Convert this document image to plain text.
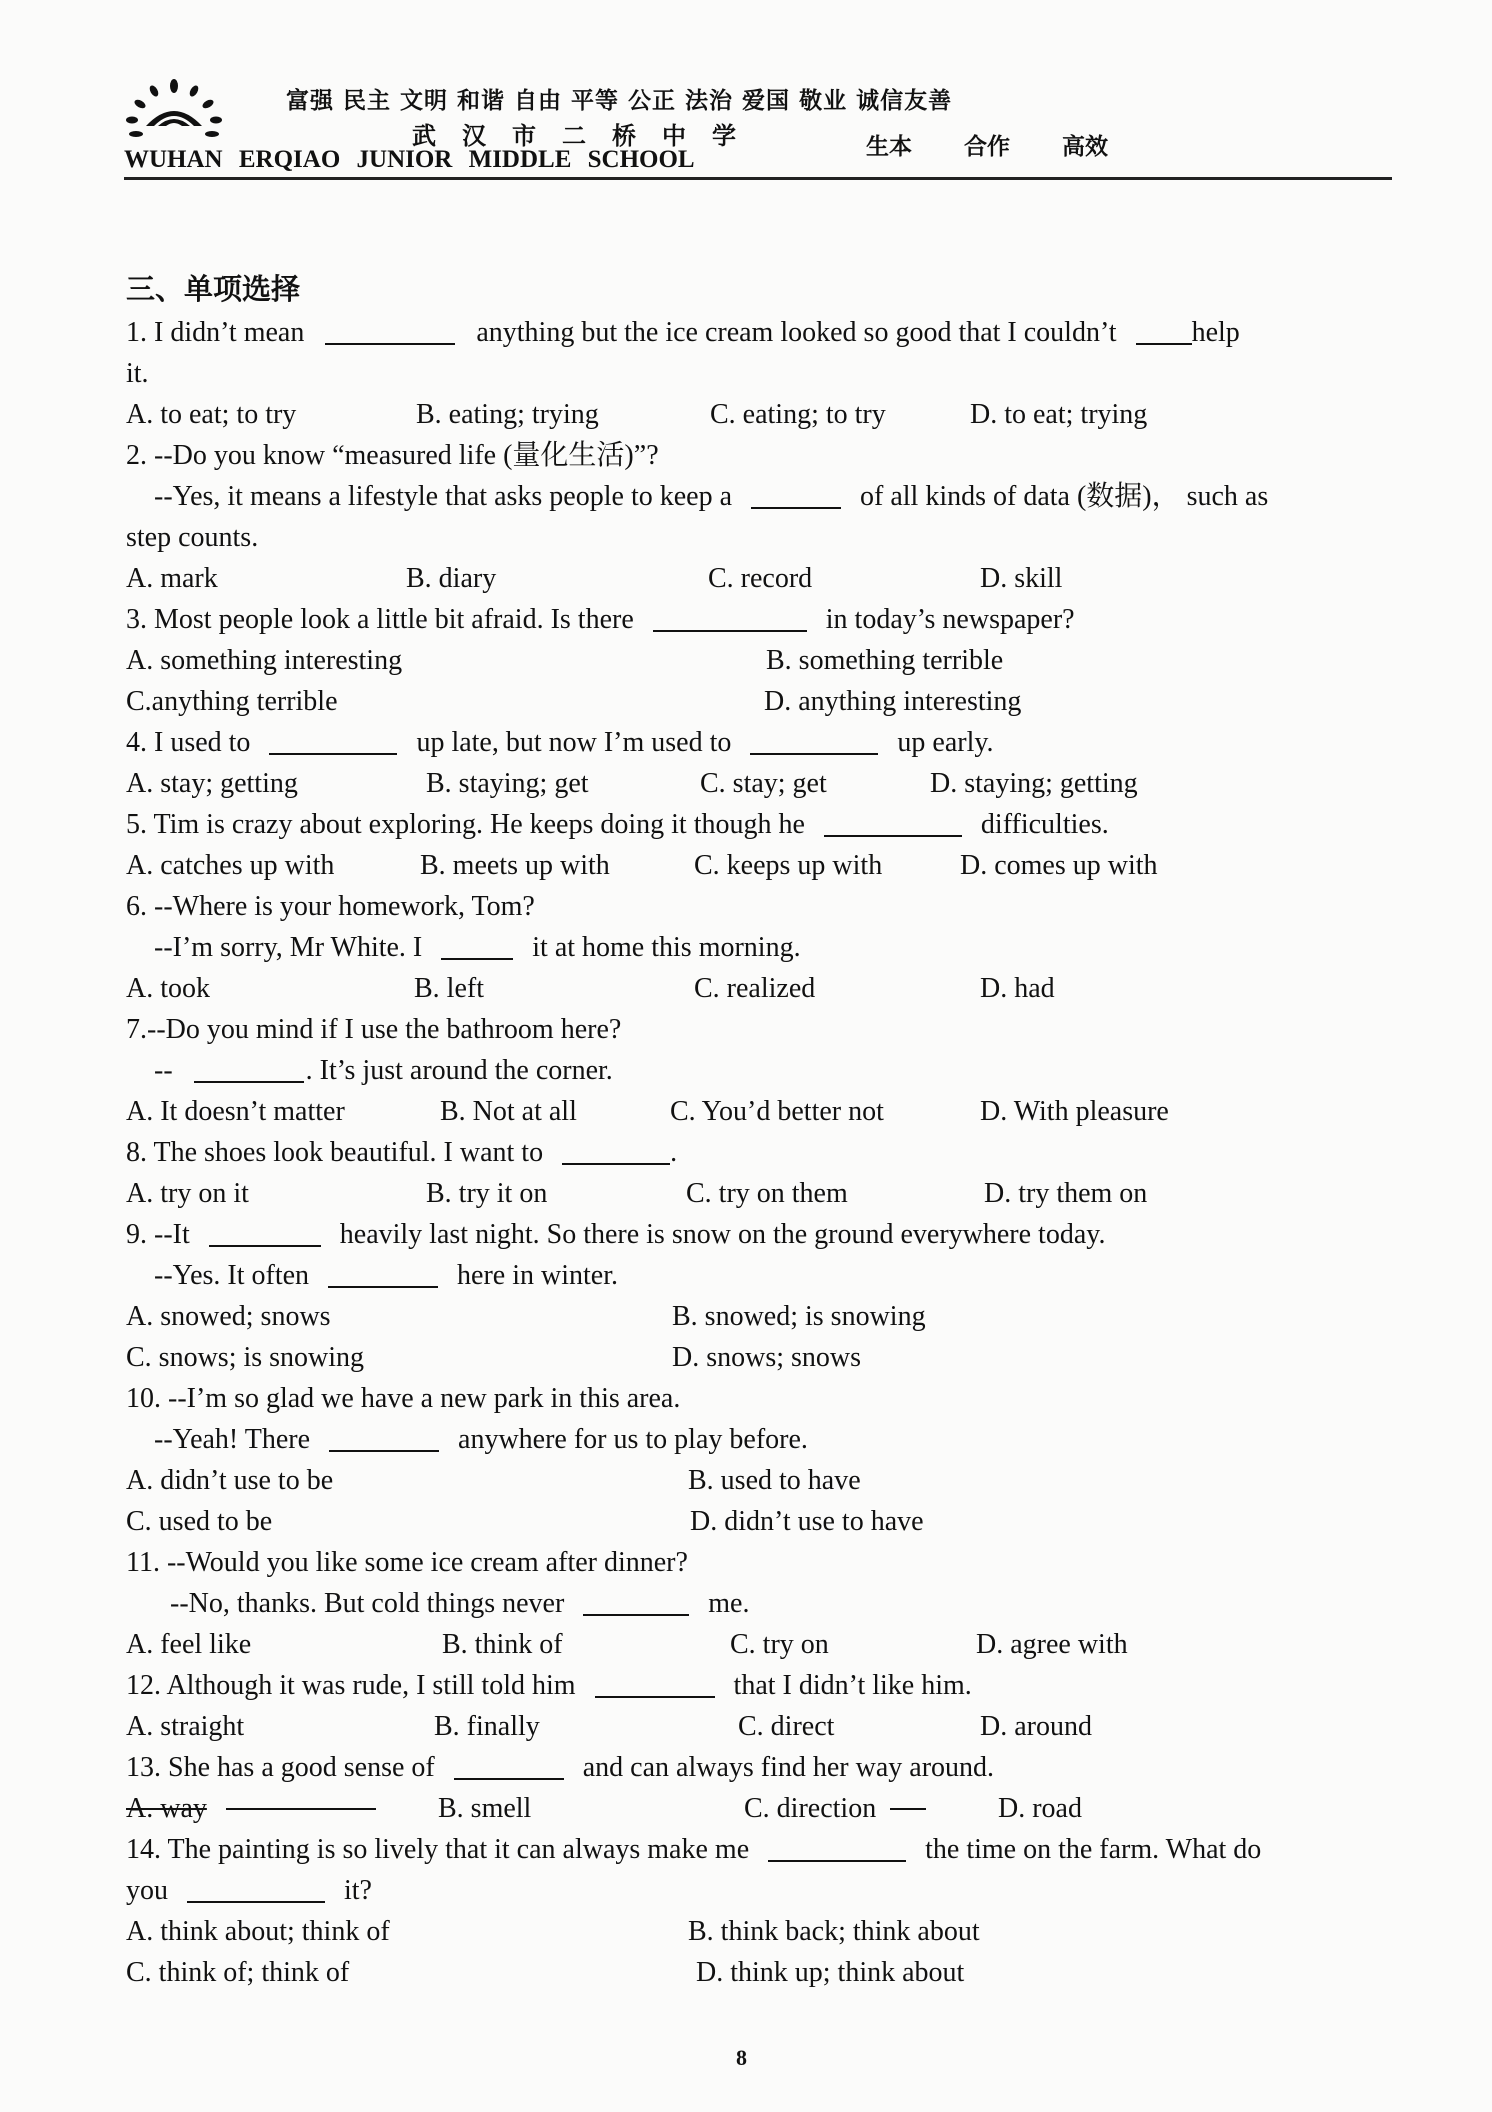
富强 民主 文明 和谐 自由 平等 公正 法治 爱国 敬业 诚信友善
武汉市二桥中学
WUHAN ERQIAO JUNIOR MIDDLE SCHOOL	生本 合作 高效
三、单项选择
1. I didn’t mean	anything but the ice cream looked so good that I couldn’t	help
it.
A. to eat; to try	B. eating; trying	C. eating; to try	D. to eat; trying
2. --Do you know “measured life (量化生活)”?
--Yes, it means a lifestyle that asks people to keep a	of all kinds of data (数据)， such as
step counts.
A. mark	B. diary	C. record	D. skill
3. Most people look a little bit afraid. Is there	in today’s newspaper?
A. something interesting	B. something terrible
C.anything terrible	D. anything interesting
4. I used to	up late, but now I’m used to	up early.
A. stay; getting	B. staying; get	C. stay; get	D. staying; getting
5. Tim is crazy about exploring. He keeps doing it though he	difficulties.
A. catches up with	B. meets up with	C. keeps up with	D. comes up with
6. --Where is your homework, Tom?
--I’m sorry, Mr White. I	it at home this morning.
A. took	B. left	C. realized	D. had
7.--Do you mind if I use the bathroom here?
--	. It’s just around the corner.
A. It doesn’t matter	B. Not at all	C. You’d better not	D. With pleasure
8. The shoes look beautiful. I want to	.
A. try on it	B. try it on	C. try on them	D. try them on
9. --It	heavily last night. So there is snow on the ground everywhere today.
--Yes. It often	here in winter.
A. snowed; snows	B. snowed; is snowing
C. snows; is snowing	D. snows; snows
10. --I’m so glad we have a new park in this area.
--Yeah! There	anywhere for us to play before.
A. didn’t use to be	B. used to have
C. used to be	D. didn’t use to have
11. --Would you like some ice cream after dinner?
--No, thanks. But cold things never	me.
A. feel like	B. think of	C. try on	D. agree with
12. Although it was rude, I still told him	that I didn’t like him.
A. straight	B. finally	C. direct	D. around
13. She has a good sense of	and can always find her way around.
A. way	B. smell	C. direction	D. road
14. The painting is so lively that it can always make me	the time on the farm. What do
you	it?
A. think about; think of	B. think back; think about
C. think of; think of	D. think up; think about
8
